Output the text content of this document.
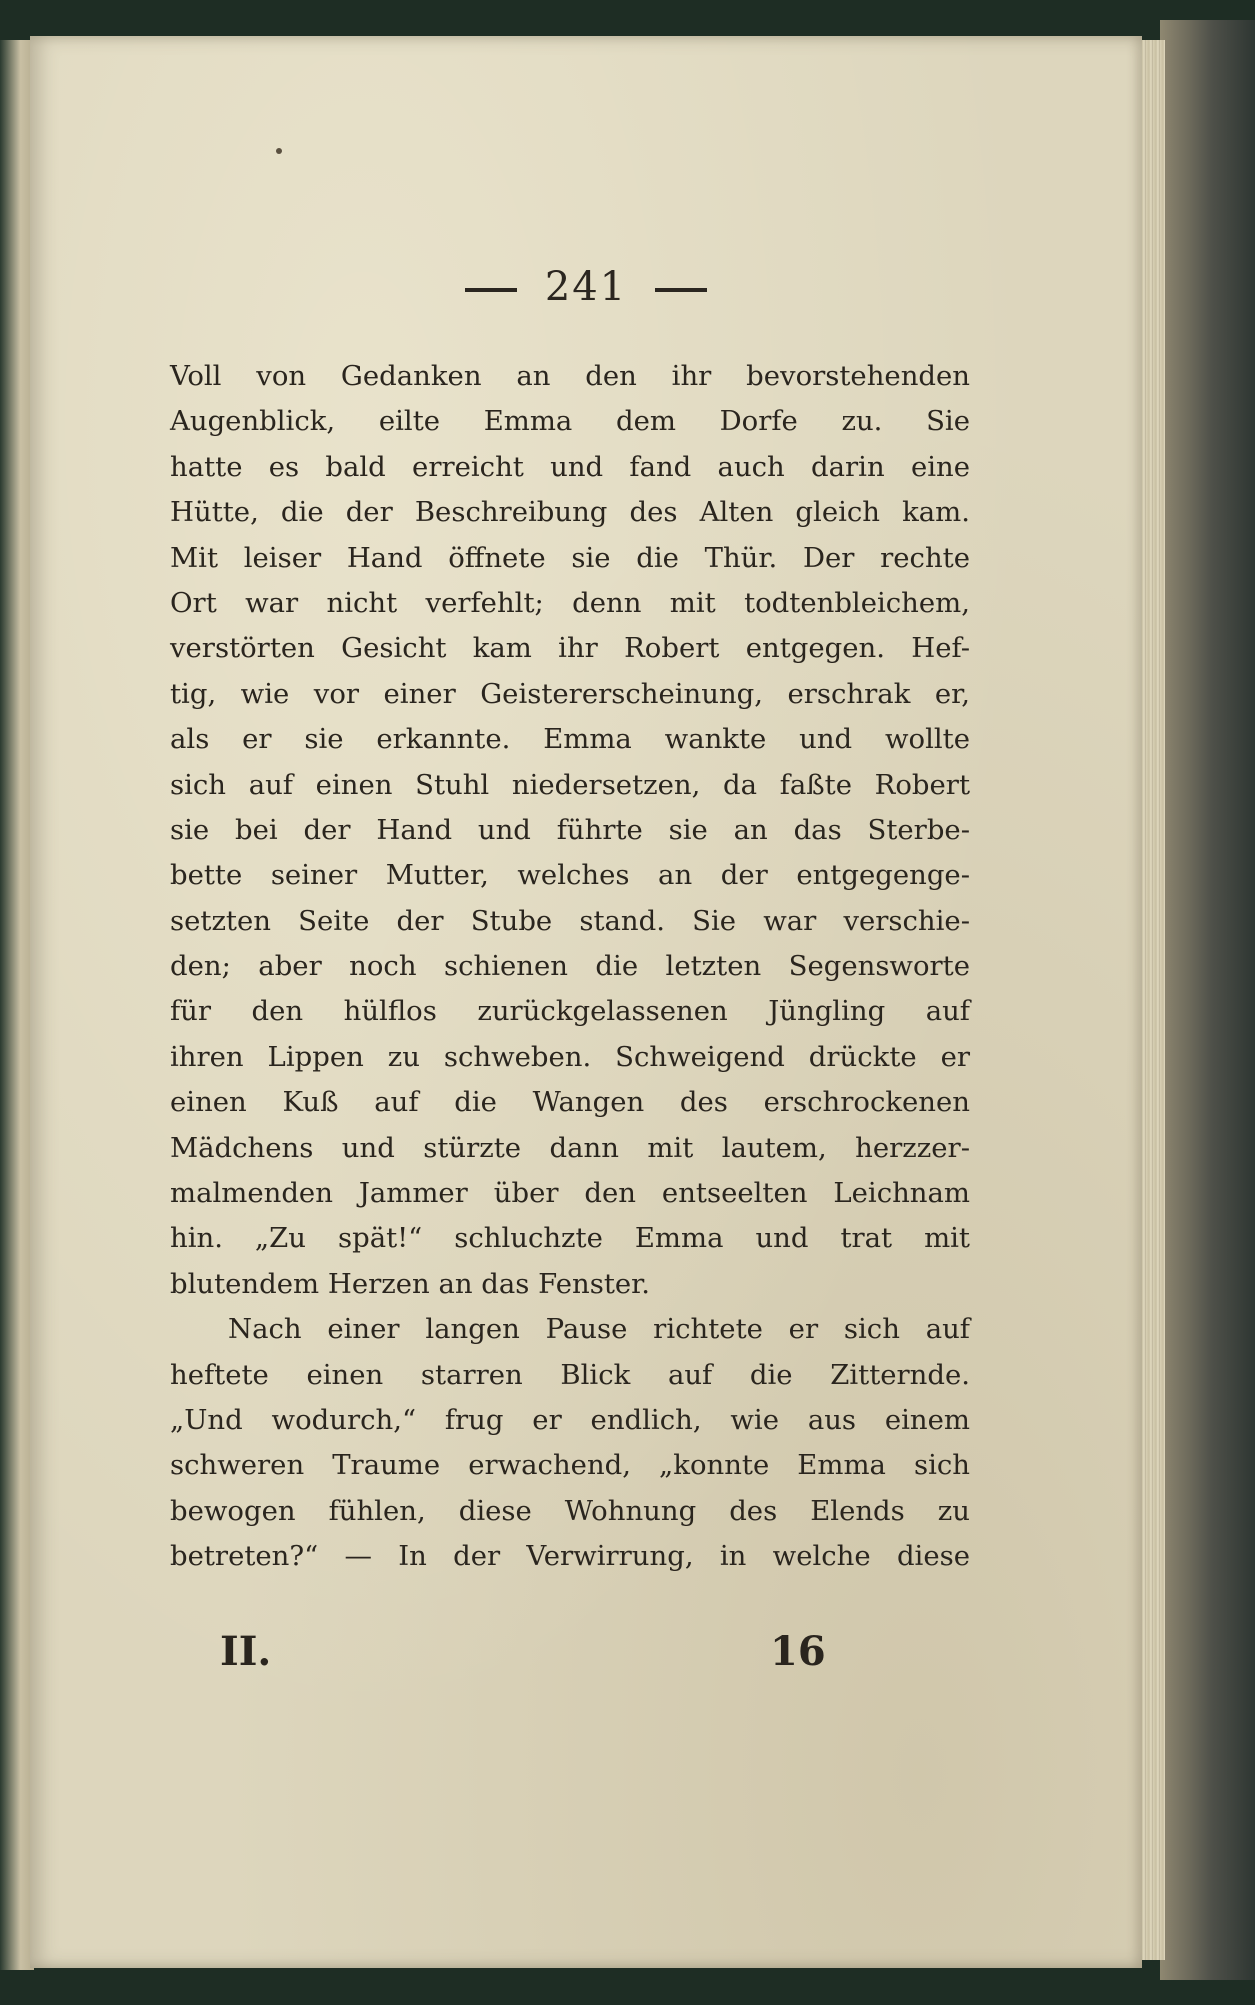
241
Voll von Gedanken an den ihr bevorstehenden
Augenblick, eilte Emma dem Dorfe zu. Sie
hatte es bald erreicht und fand auch darin eine
Hütte, die der Beschreibung des Alten gleich kam.
Mit leiser Hand öffnete sie die Thür. Der rechte
Ort war nicht verfehlt; denn mit todtenbleichem,
verstörten Gesicht kam ihr Robert entgegen. Hef-
tig, wie vor einer Geistererscheinung, erschrak er,
als er sie erkannte. Emma wankte und wollte
sich auf einen Stuhl niedersetzen, da faßte Robert
sie bei der Hand und führte sie an das Sterbe-
bette seiner Mutter, welches an der entgegenge-
setzten Seite der Stube stand. Sie war verschie-
den; aber noch schienen die letzten Segensworte
für den hülflos zurückgelassenen Jüngling auf
ihren Lippen zu schweben. Schweigend drückte er
einen Kuß auf die Wangen des erschrockenen
Mädchens und stürzte dann mit lautem, herzzer-
malmenden Jammer über den entseelten Leichnam
hin. „Zu spät!“ schluchzte Emma und trat mit
blutendem Herzen an das Fenster.
Nach einer langen Pause richtete er sich auf
heftete einen starren Blick auf die Zitternde.
„Und wodurch,“ frug er endlich, wie aus einem
schweren Traume erwachend, „konnte Emma sich
bewogen fühlen, diese Wohnung des Elends zu
betreten?“ — In der Verwirrung, in welche diese
II.	16
